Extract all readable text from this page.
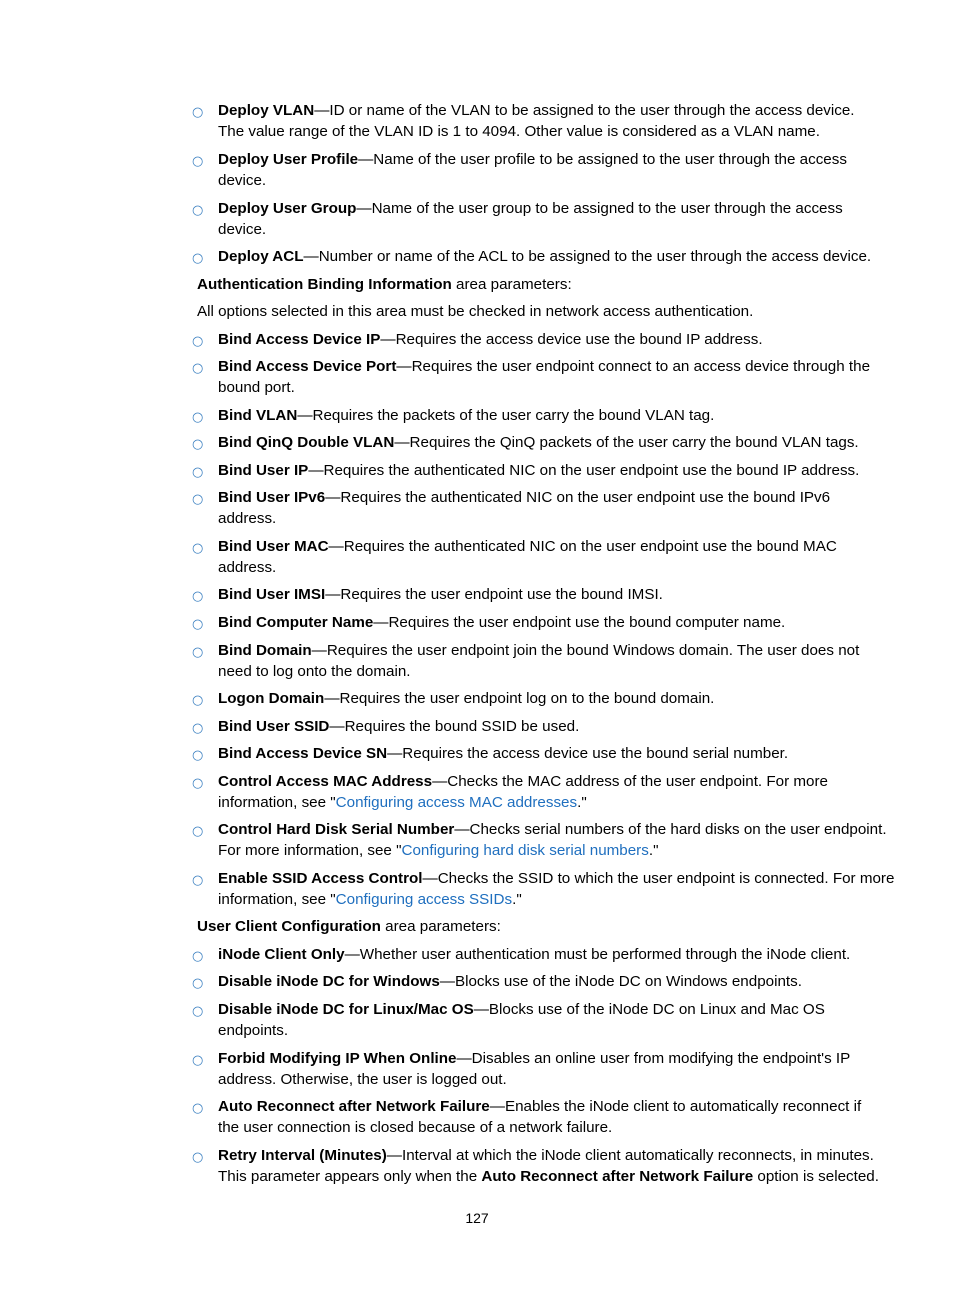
○ Deploy VLAN—ID or name of the VLAN to be assigned to the user through the access device.
The value range of the VLAN ID is 1 to 4094. Other value is considered as a VLAN name.
○ Deploy User Profile—Name of the user profile to be assigned to the user through the access
device.
○ Deploy User Group—Name of the user group to be assigned to the user through the access
device.
○ Deploy ACL—Number or name of the ACL to be assigned to the user through the access device.
Authentication Binding Information area parameters:
All options selected in this area must be checked in network access authentication.
○ Bind Access Device IP—Requires the access device use the bound IP address.
○ Bind Access Device Port—Requires the user endpoint connect to an access device through the
bound port.
○ Bind VLAN—Requires the packets of the user carry the bound VLAN tag.
○ Bind QinQ Double VLAN—Requires the QinQ packets of the user carry the bound VLAN tags.
○ Bind User IP—Requires the authenticated NIC on the user endpoint use the bound IP address.
○ Bind User IPv6—Requires the authenticated NIC on the user endpoint use the bound IPv6
address.
○ Bind User MAC—Requires the authenticated NIC on the user endpoint use the bound MAC
address.
○ Bind User IMSI—Requires the user endpoint use the bound IMSI.
○ Bind Computer Name—Requires the user endpoint use the bound computer name.
○ Bind Domain—Requires the user endpoint join the bound Windows domain. The user does not
need to log onto the domain.
○ Logon Domain—Requires the user endpoint log on to the bound domain.
○ Bind User SSID—Requires the bound SSID be used.
○ Bind Access Device SN—Requires the access device use the bound serial number.
○ Control Access MAC Address—Checks the MAC address of the user endpoint. For more
information, see "Configuring access MAC addresses."
○ Control Hard Disk Serial Number—Checks serial numbers of the hard disks on the user endpoint.
For more information, see "Configuring hard disk serial numbers."
○ Enable SSID Access Control—Checks the SSID to which the user endpoint is connected. For more
information, see "Configuring access SSIDs."
User Client Configuration area parameters:
○ iNode Client Only—Whether user authentication must be performed through the iNode client.
○ Disable iNode DC for Windows—Blocks use of the iNode DC on Windows endpoints.
○ Disable iNode DC for Linux/Mac OS—Blocks use of the iNode DC on Linux and Mac OS
endpoints.
○ Forbid Modifying IP When Online—Disables an online user from modifying the endpoint's IP
address. Otherwise, the user is logged out.
○ Auto Reconnect after Network Failure—Enables the iNode client to automatically reconnect if
the user connection is closed because of a network failure.
○ Retry Interval (Minutes)—Interval at which the iNode client automatically reconnects, in minutes.
This parameter appears only when the Auto Reconnect after Network Failure option is selected.
127
